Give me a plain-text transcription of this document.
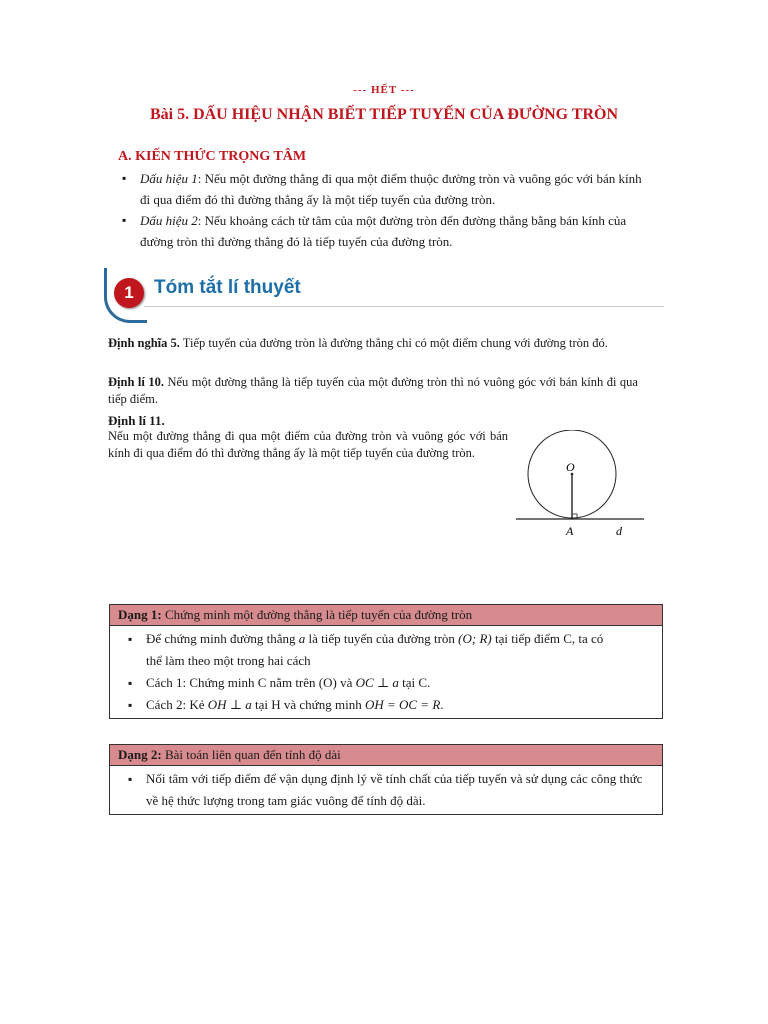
--- HẾT ---
Bài 5. DẤU HIỆU NHẬN BIẾT TIẾP TUYẾN CỦA ĐƯỜNG TRÒN
A. KIẾN THỨC TRỌNG TÂM
▪ Dấu hiệu 1: Nếu một đường thẳng đi qua một điểm thuộc đường tròn và vuông góc với bán kính đi qua điểm đó thì đường thẳng ấy là một tiếp tuyến của đường tròn.
▪ Dấu hiệu 2: Nếu khoảng cách từ tâm của một đường tròn đến đường thẳng bằng bán kính của đường tròn thì đường thẳng đó là tiếp tuyến của đường tròn.
1	Tóm tắt lí thuyết
Định nghĩa 5. Tiếp tuyến của đường tròn là đường thẳng chỉ có một điểm chung với đường tròn đó.
Định lí 10. Nếu một đường thẳng là tiếp tuyến của một đường tròn thì nó vuông góc với bán kính đi qua tiếp điểm.
Định lí 11.
Nếu một đường thẳng đi qua một điểm của đường tròn và vuông góc với bán kính đi qua điểm đó thì đường thẳng ấy là một tiếp tuyến của đường tròn.
O
A	d
Dạng 1: Chứng minh một đường thẳng là tiếp tuyến của đường tròn
▪ Để chứng minh đường thẳng a là tiếp tuyến của đường tròn (O; R) tại tiếp điểm C, ta có
thể làm theo một trong hai cách
▪ Cách 1: Chứng minh C nằm trên (O) và OC ⊥ a tại C.
▪ Cách 2: Kẻ OH ⊥ a tại H và chứng minh OH = OC = R.
Dạng 2: Bài toán liên quan đến tính độ dài
▪ Nối tâm với tiếp điểm để vận dụng định lý về tính chất của tiếp tuyến và sử dụng các công thức về hệ thức lượng trong tam giác vuông để tính độ dài.
